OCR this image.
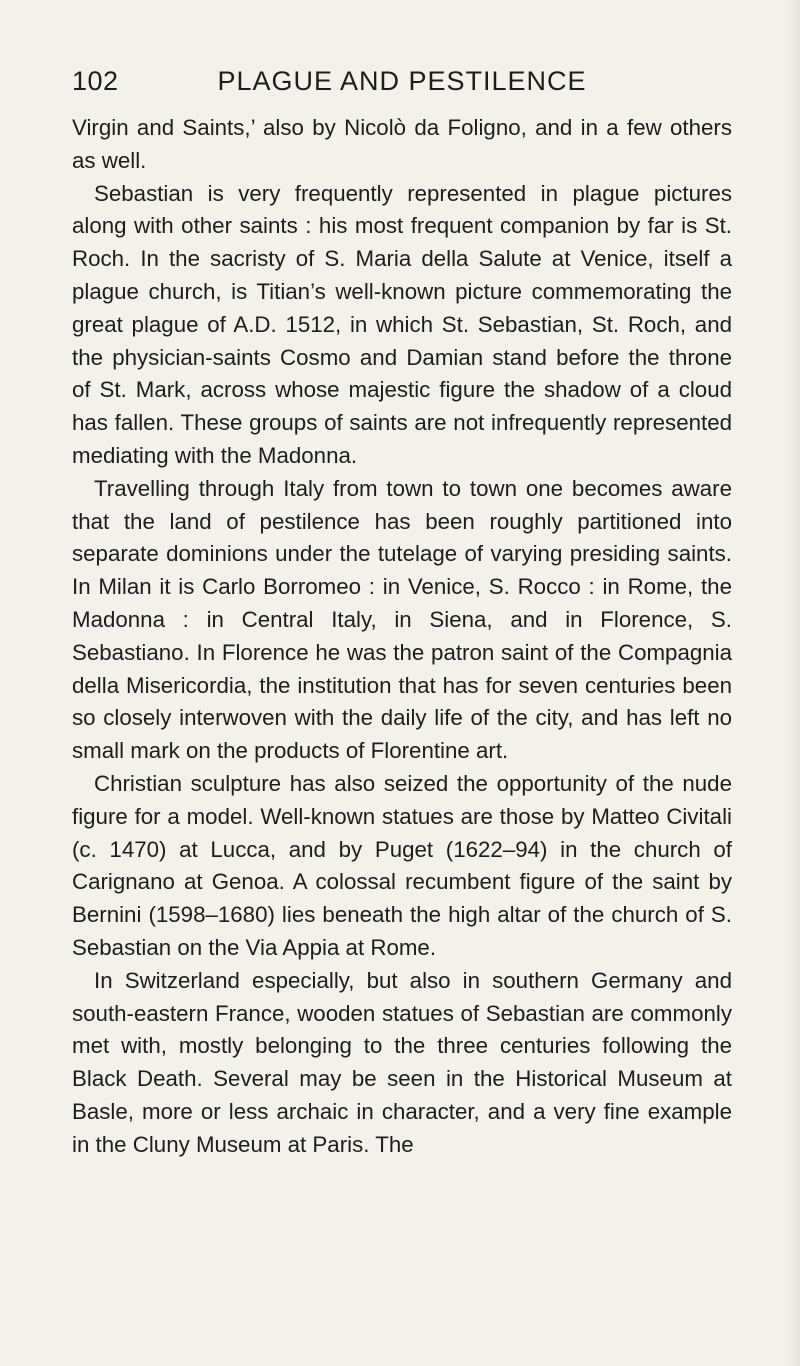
102	PLAGUE AND PESTILENCE

Virgin and Saints,’ also by Nicolò da Foligno, and in a few others as well.

Sebastian is very frequently represented in plague pictures along with other saints : his most frequent companion by far is St. Roch. In the sacristy of S. Maria della Salute at Venice, itself a plague church, is Titian’s well-known picture commemorating the great plague of A.D. 1512, in which St. Sebastian, St. Roch, and the physician-saints Cosmo and Damian stand before the throne of St. Mark, across whose majestic figure the shadow of a cloud has fallen. These groups of saints are not infrequently represented mediating with the Madonna.

Travelling through Italy from town to town one becomes aware that the land of pestilence has been roughly partitioned into separate dominions under the tutelage of varying presiding saints. In Milan it is Carlo Borromeo : in Venice, S. Rocco : in Rome, the Madonna : in Central Italy, in Siena, and in Florence, S. Sebastiano. In Florence he was the patron saint of the Compagnia della Misericordia, the institution that has for seven centuries been so closely interwoven with the daily life of the city, and has left no small mark on the products of Florentine art.

Christian sculpture has also seized the opportunity of the nude figure for a model. Well-known statues are those by Matteo Civitali (c. 1470) at Lucca, and by Puget (1622–94) in the church of Carignano at Genoa. A colossal recumbent figure of the saint by Bernini (1598–1680) lies beneath the high altar of the church of S. Sebastian on the Via Appia at Rome.

In Switzerland especially, but also in southern Germany and south-eastern France, wooden statues of Sebastian are commonly met with, mostly belonging to the three centuries following the Black Death. Several may be seen in the Historical Museum at Basle, more or less archaic in character, and a very fine example in the Cluny Museum at Paris. The
